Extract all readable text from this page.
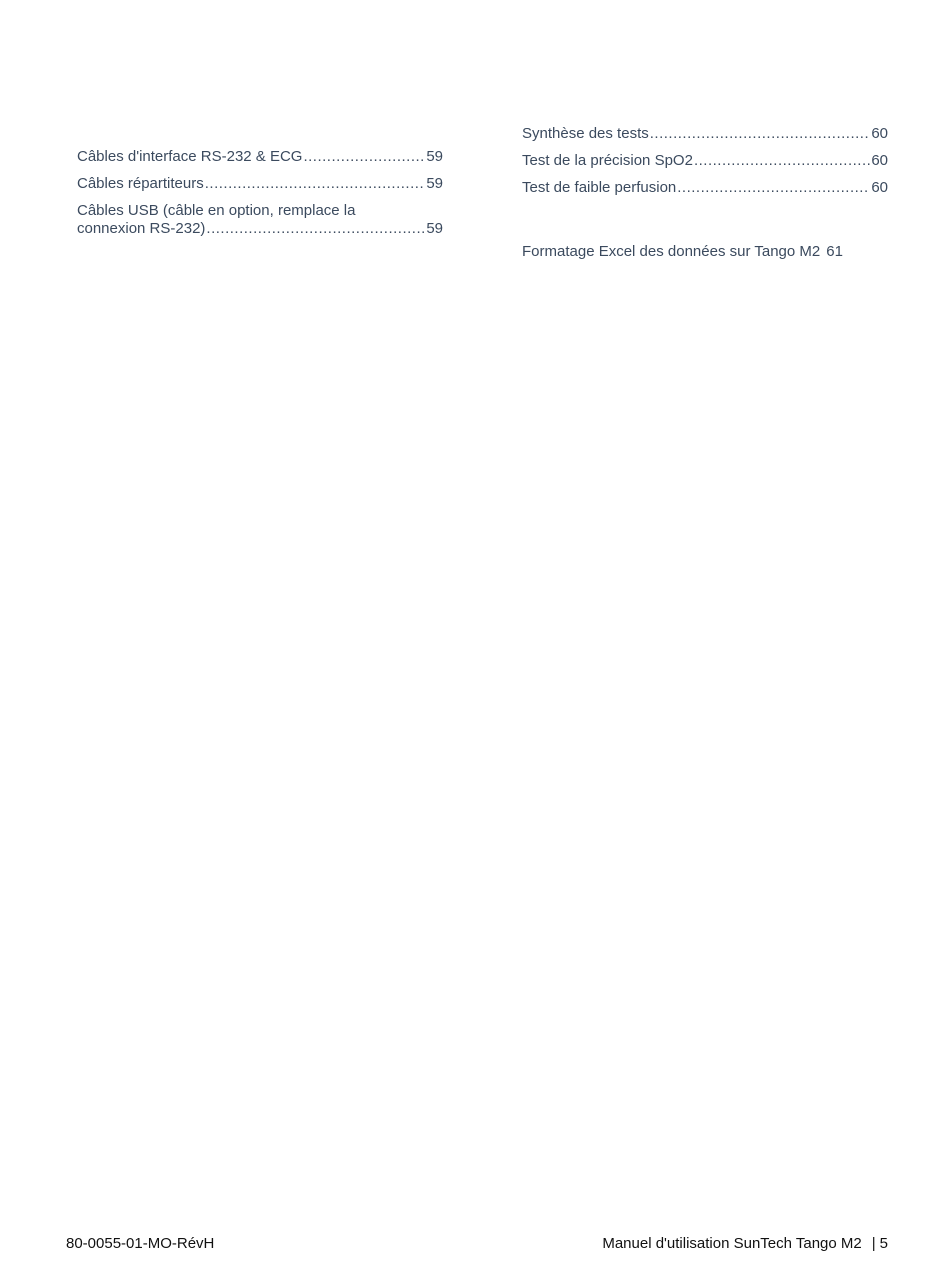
Câbles d'interface RS-232 & ECG .....	59
Câbles répartiteurs .....	59
Câbles USB (câble en option, remplace la
connexion RS-232) .....	59
Synthèse des tests .....	60
Test de la précision SpO2 .....	60
Test de faible perfusion .....	60
Formatage Excel des données sur Tango M2 61
80-0055-01-MO-RévH	Manuel d'utilisation SunTech Tango M2 | 5
